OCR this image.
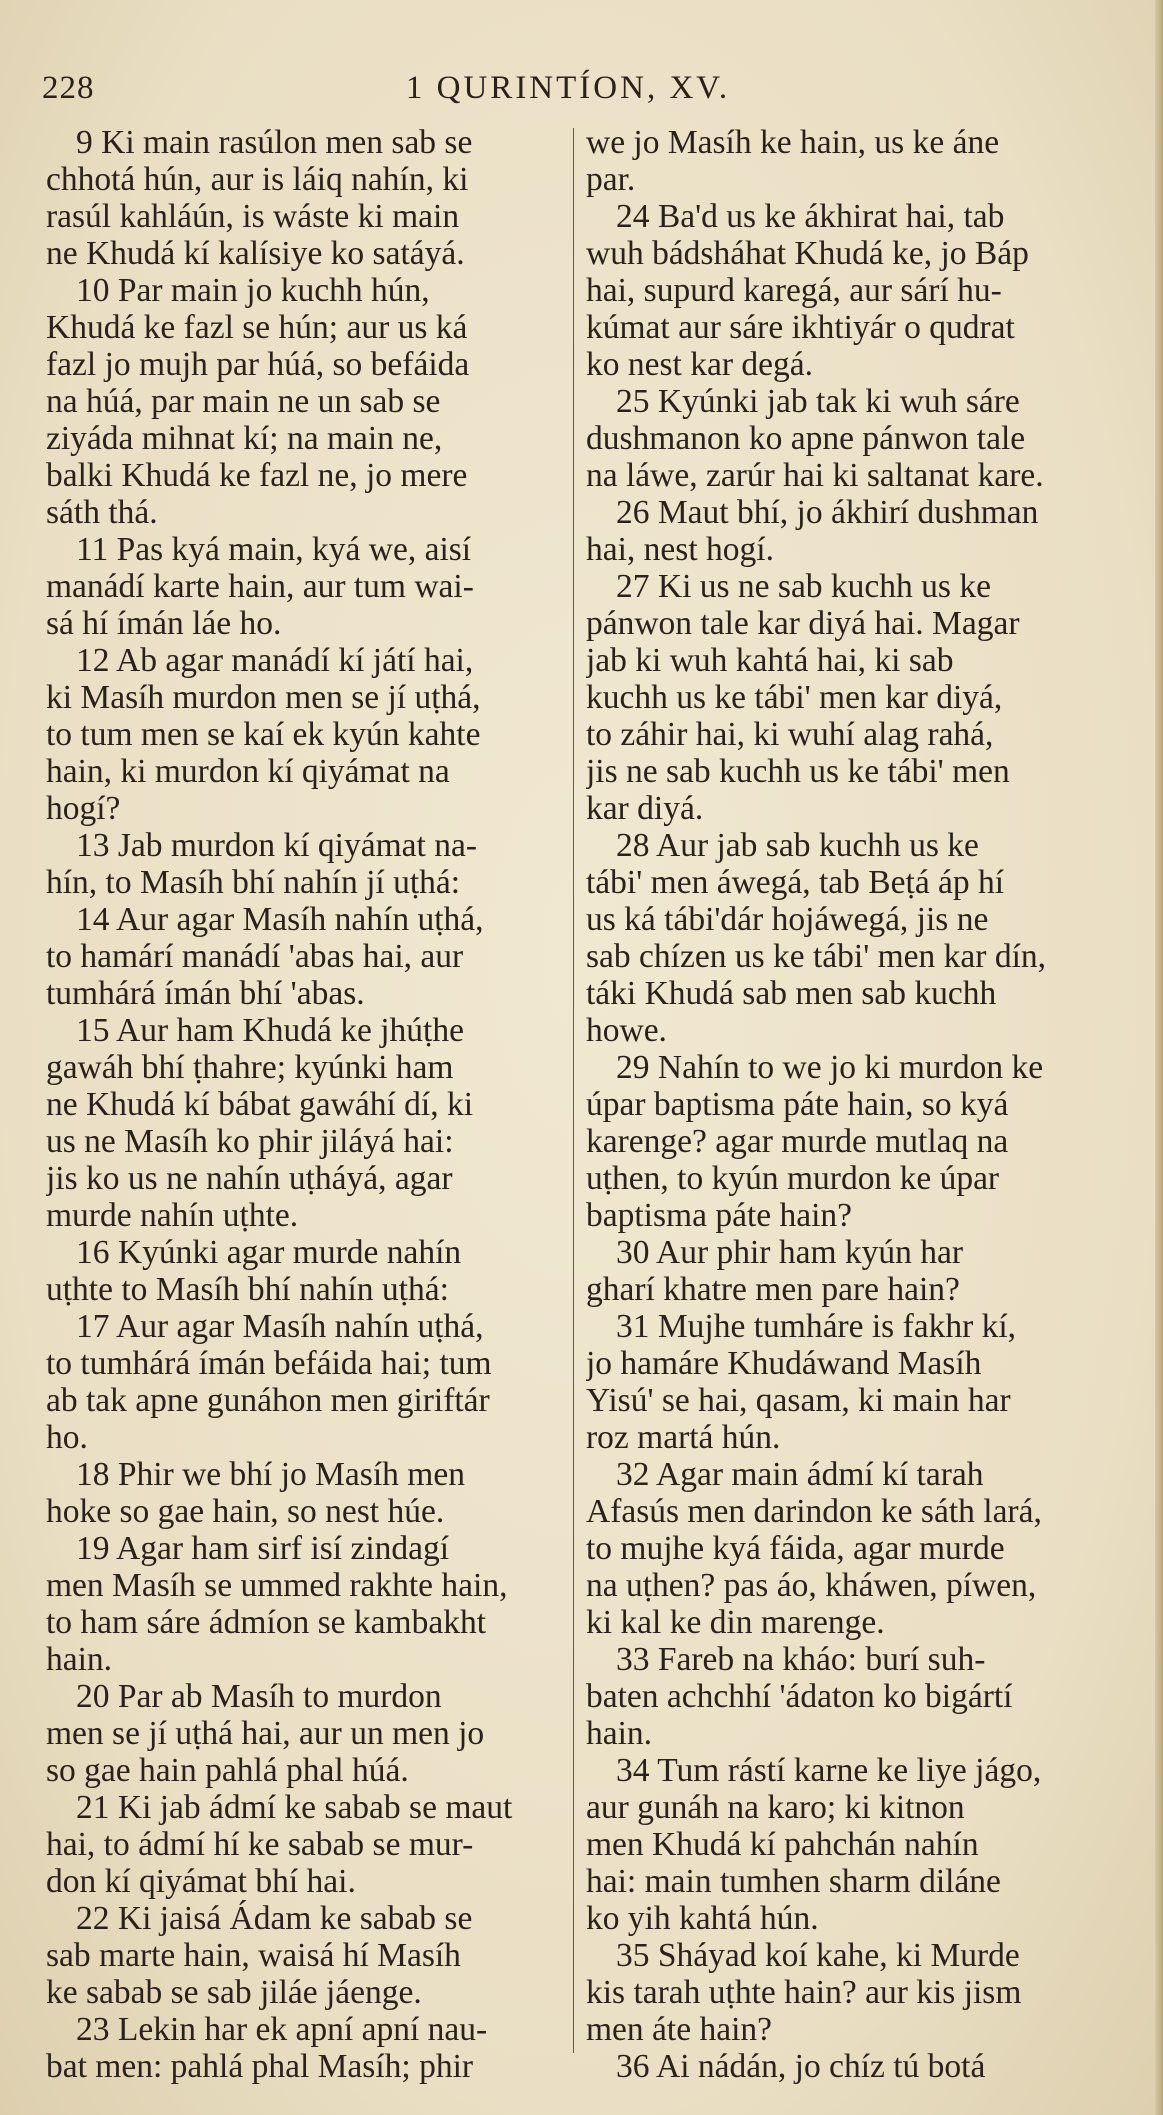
228	1 QURINTÍON, XV.
9 Ki main rasúlon men sab se
chhotá hún, aur is láiq nahín, ki
rasúl kahláún, is wáste ki main
ne Khudá kí kalísiye ko satáyá.
10 Par main jo kuchh hún,
Khudá ke fazl se hún; aur us ká
fazl jo mujh par húá, so befáida
na húá, par main ne un sab se
ziyáda mihnat kí; na main ne,
balki Khudá ke fazl ne, jo mere
sáth thá.
11 Pas kyá main, kyá we, aisí
manádí karte hain, aur tum wai-
sá hí ímán láe ho.
12 Ab agar manádí kí játí hai,
ki Masíh murdon men se jí uṭhá,
to tum men se kaí ek kyún kahte
hain, ki murdon kí qiyámat na
hogí?
13 Jab murdon kí qiyámat na-
hín, to Masíh bhí nahín jí uṭhá:
14 Aur agar Masíh nahín uṭhá,
to hamárí manádí 'abas hai, aur
tumhárá ímán bhí 'abas.
15 Aur ham Khudá ke jhúṭhe
gawáh bhí ṭhahre; kyúnki ham
ne Khudá kí bábat gawáhí dí, ki
us ne Masíh ko phir jiláyá hai:
jis ko us ne nahín uṭháyá, agar
murde nahín uṭhte.
16 Kyúnki agar murde nahín
uṭhte to Masíh bhí nahín uṭhá:
17 Aur agar Masíh nahín uṭhá,
to tumhárá ímán befáida hai; tum
ab tak apne gunáhon men giriftár
ho.
18 Phir we bhí jo Masíh men
hoke so gae hain, so nest húe.
19 Agar ham sirf isí zindagí
men Masíh se ummed rakhte hain,
to ham sáre ádmíon se kambakht
hain.
20 Par ab Masíh to murdon
men se jí uṭhá hai, aur un men jo
so gae hain pahlá phal húá.
21 Ki jab ádmí ke sabab se maut
hai, to ádmí hí ke sabab se mur-
don kí qiyámat bhí hai.
22 Ki jaisá Ádam ke sabab se
sab marte hain, waisá hí Masíh
ke sabab se sab jiláe jáenge.
23 Lekin har ek apní apní nau-
bat men: pahlá phal Masíh; phir
we jo Masíh ke hain, us ke áne
par.
24 Ba'd us ke ákhirat hai, tab
wuh bádsháhat Khudá ke, jo Báp
hai, supurd karegá, aur sárí hu-
kúmat aur sáre ikhtiyár o qudrat
ko nest kar degá.
25 Kyúnki jab tak ki wuh sáre
dushmanon ko apne pánwon tale
na láwe, zarúr hai ki saltanat kare.
26 Maut bhí, jo ákhirí dushman
hai, nest hogí.
27 Ki us ne sab kuchh us ke
pánwon tale kar diyá hai. Magar
jab ki wuh kahtá hai, ki sab
kuchh us ke tábi' men kar diyá,
to záhir hai, ki wuhí alag rahá,
jis ne sab kuchh us ke tábi' men
kar diyá.
28 Aur jab sab kuchh us ke
tábi' men áwegá, tab Beṭá áp hí
us ká tábi'dár hojáwegá, jis ne
sab chízen us ke tábi' men kar dín,
táki Khudá sab men sab kuchh
howe.
29 Nahín to we jo ki murdon ke
úpar baptisma páte hain, so kyá
karenge? agar murde mutlaq na
uṭhen, to kyún murdon ke úpar
baptisma páte hain?
30 Aur phir ham kyún har
gharí khatre men pare hain?
31 Mujhe tumháre is fakhr kí,
jo hamáre Khudáwand Masíh
Yisú' se hai, qasam, ki main har
roz martá hún.
32 Agar main ádmí kí tarah
Afasús men darindon ke sáth lará,
to mujhe kyá fáida, agar murde
na uṭhen? pas áo, kháwen, píwen,
ki kal ke din marenge.
33 Fareb na kháo: burí suh-
baten achchhí 'ádaton ko bigártí
hain.
34 Tum rástí karne ke liye jágo,
aur gunáh na karo; ki kitnon
men Khudá kí pahchán nahín
hai: main tumhen sharm diláne
ko yih kahtá hún.
35 Sháyad koí kahe, ki Murde
kis tarah uṭhte hain? aur kis jism
men áte hain?
36 Ai nádán, jo chíz tú botá
